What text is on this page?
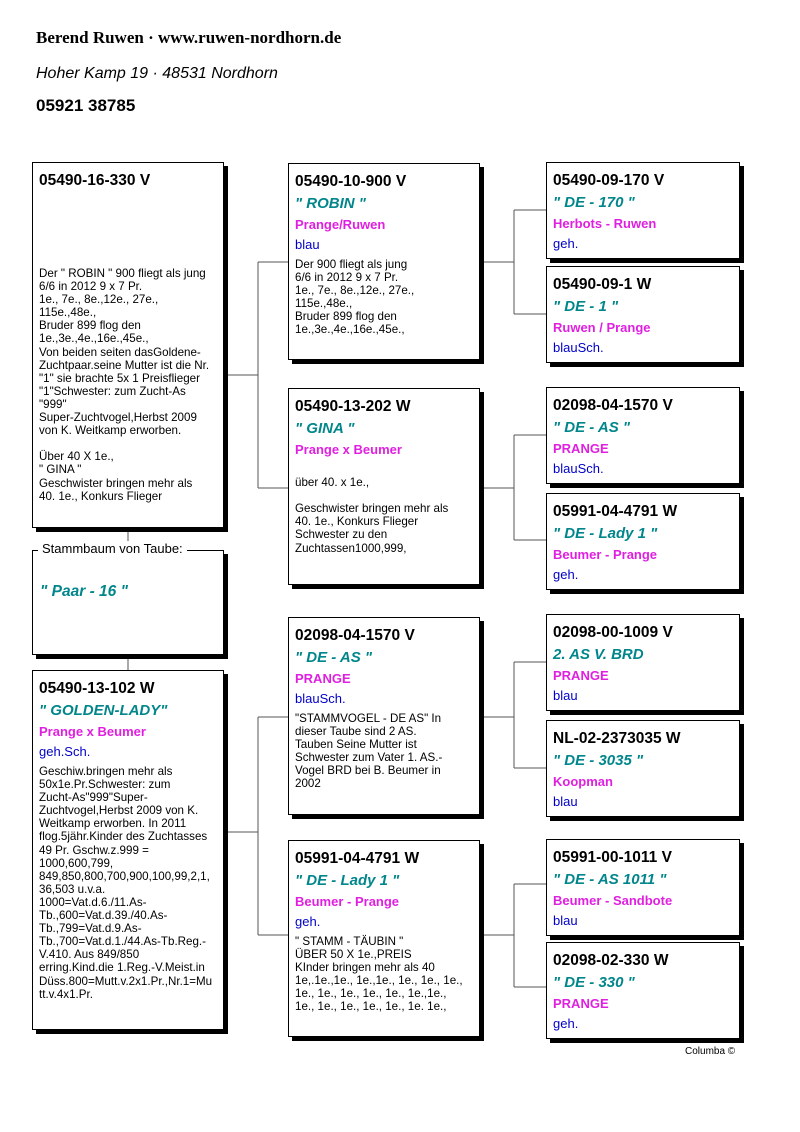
Berend Ruwen · www.ruwen-nordhorn.de
Hoher Kamp 19 · 48531 Nordhorn
05921 38785
05490-16-330 V
Der " ROBIN " 900 fliegt als jung
6/6 in 2012 9 x 7 Pr.
1e., 7e., 8e.,12e., 27e.,
115e.,48e.,
Bruder 899 flog den
1e.,3e.,4e.,16e.,45e.,
Von beiden seiten dasGoldene-
Zuchtpaar.seine Mutter ist die Nr.
"1" sie brachte 5x 1 Preisflieger
"1"Schwester: zum Zucht-As
"999"
Super-Zuchtvogel,Herbst 2009
von K. Weitkamp erworben.

Über 40 X 1e.,
" GINA "
Geschwister bringen mehr als
40. 1e., Konkurs Flieger
Stammbaum von Taube:
" Paar - 16 "
05490-13-102 W
" GOLDEN-LADY"
Prange x Beumer
geh.Sch.
Geschiw.bringen mehr als
50x1e.Pr.Schwester: zum
Zucht-As"999"Super-
Zuchtvogel,Herbst 2009 von K.
Weitkamp erworben. In 2011
flog.5jähr.Kinder des Zuchtasses
49 Pr. Gschw.z.999 =
1000,600,799,
849,850,800,700,900,100,99,2,1,
36,503 u.v.a.
1000=Vat.d.6./11.As-
Tb.,600=Vat.d.39./40.As-
Tb.,799=Vat.d.9.As-
Tb.,700=Vat.d.1./44.As-Tb.Reg.-
V.410. Aus 849/850
erring.Kind.die 1.Reg.-V.Meist.in
Düss.800=Mutt.v.2x1.Pr.,Nr.1=Mu
tt.v.4x1.Pr.
05490-10-900 V
" ROBIN "
Prange/Ruwen
blau
Der 900 fliegt als jung
6/6 in 2012 9 x 7 Pr.
1e., 7e., 8e.,12e., 27e.,
115e.,48e.,
Bruder 899 flog den
1e.,3e.,4e.,16e.,45e.,
05490-13-202 W
" GINA "
Prange x Beumer

über 40. x 1e.,

Geschwister bringen mehr als
40. 1e., Konkurs Flieger
Schwester zu den
Zuchtassen1000,999,
02098-04-1570 V
" DE - AS "
PRANGE
blauSch.
"STAMMVOGEL - DE AS" In
dieser Taube sind 2 AS.
Tauben Seine Mutter ist
Schwester zum Vater 1. AS.-
Vogel BRD bei B. Beumer in
2002
05991-04-4791 W
" DE - Lady 1 "
Beumer - Prange
geh.
" STAMM - TÄUBIN "
ÜBER 50 X 1e.,PREIS
KInder bringen mehr als 40
1e,.1e.,1e., 1e.,1e., 1e., 1e., 1e.,
1e., 1e., 1e., 1e., 1e., 1e.,1e.,
1e., 1e., 1e., 1e., 1e., 1e. 1e.,
05490-09-170 V
" DE - 170 "
Herbots - Ruwen
geh.
05490-09-1 W
" DE - 1 "
Ruwen / Prange
blauSch.
02098-04-1570 V
" DE - AS "
PRANGE
blauSch.
05991-04-4791 W
" DE - Lady 1 "
Beumer - Prange
geh.
02098-00-1009 V
2. AS V. BRD
PRANGE
blau
NL-02-2373035 W
" DE - 3035 "
Koopman
blau
05991-00-1011 V
" DE - AS 1011 "
Beumer - Sandbote
blau
02098-02-330 W
" DE - 330 "
PRANGE
geh.
Columba ©
